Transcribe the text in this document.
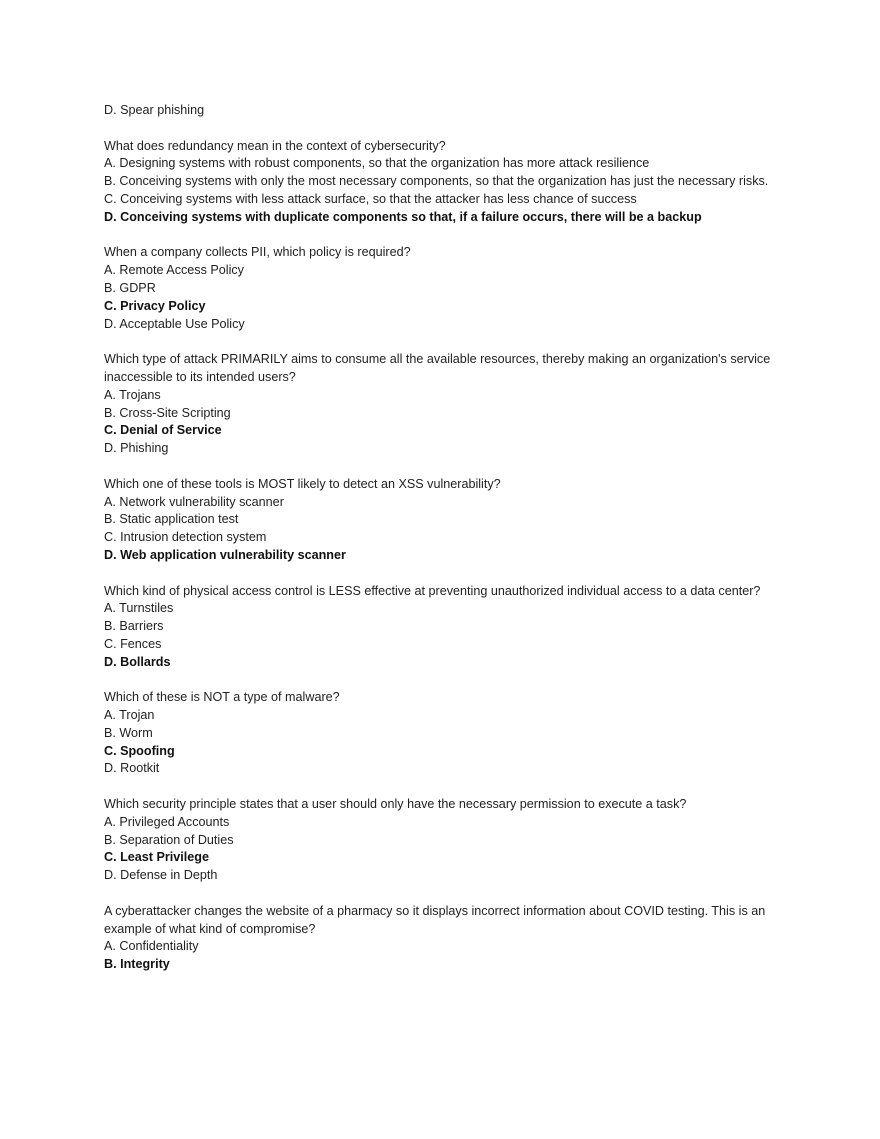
D. Spear phishing

What does redundancy mean in the context of cybersecurity?

A. Designing systems with robust components, so that the organization has more attack resilience

B. Conceiving systems with only the most necessary components, so that the organization has just the necessary risks.

C. Conceiving systems with less attack surface, so that the attacker has less chance of success

D. Conceiving systems with duplicate components so that, if a failure occurs, there will be a backup

When a company collects PII, which policy is required?

A. Remote Access Policy

B. GDPR

C. Privacy Policy

D. Acceptable Use Policy

Which type of attack PRIMARILY aims to consume all the available resources, thereby making an organization's service

inaccessible to its intended users?

A. Trojans

B. Cross-Site Scripting

C. Denial of Service

D. Phishing

Which one of these tools is MOST likely to detect an XSS vulnerability?

A. Network vulnerability scanner

B. Static application test

C. Intrusion detection system

D. Web application vulnerability scanner

Which kind of physical access control is LESS effective at preventing unauthorized individual access to a data center?

A. Turnstiles

B. Barriers

C. Fences

D. Bollards

Which of these is NOT a type of malware?

A. Trojan

B. Worm

C. Spoofing

D. Rootkit

Which security principle states that a user should only have the necessary permission to execute a task?

A. Privileged Accounts

B. Separation of Duties

C. Least Privilege

D. Defense in Depth

A cyberattacker changes the website of a pharmacy so it displays incorrect information about COVID testing. This is an example of what kind of compromise?

A. Confidentiality

B. Integrity
